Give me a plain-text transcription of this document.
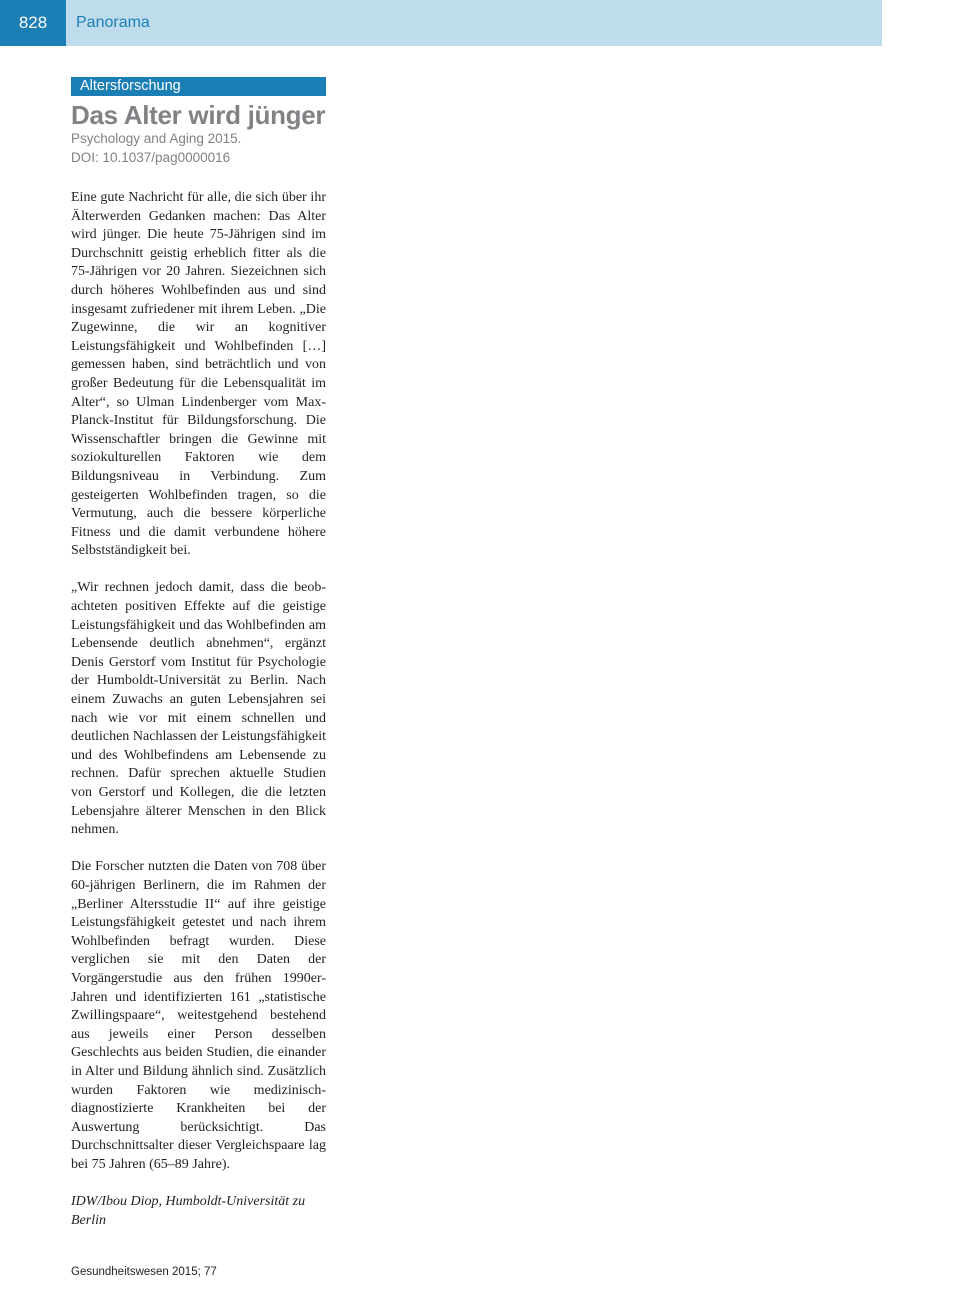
828	Panorama
Altersforschung
Das Alter wird jünger
Psychology and Aging 2015.
DOI: 10.1037/pag0000016

Eine gute Nachricht für alle, die sich über ihr Älterwerden Gedanken machen: Das Alter wird jünger. Die heute 75-Jährigen sind im Durchschnitt geistig erheblich fitter als die 75-Jährigen vor 20 Jahren. Siezeichnen sich durch höheres Wohlbefinden aus und sind insgesamt zufriedener mit ihrem Leben. „Die Zugewinne, die wir an kognitiver Leistungsfähigkeit und Wohlbefinden […] gemessen haben, sind beträchtlich und von großer Bedeutung für die Lebensqualität im Alter“, so Ulman Lindenberger vom Max-Planck-Institut für Bildungsforschung. Die Wissenschaftler bringen die Gewinne mit soziokulturellen Faktoren wie dem Bildungsniveau in Verbindung. Zum gesteigerten Wohlbefinden tragen, so die Vermutung, auch die bessere körperliche Fitness und die damit verbundene höhere Selbstständigkeit bei.

„Wir rechnen jedoch damit, dass die beobachteten positiven Effekte auf die geistige Leistungsfähigkeit und das Wohlbefinden am Lebensende deutlich abnehmen“, ergänzt Denis Gerstorf vom Institut für Psychologie der Humboldt-Universität zu Berlin. Nach einem Zuwachs an guten Lebensjahren sei nach wie vor mit einem schnellen und deutlichen Nachlassen der Leistungsfähigkeit und des Wohlbefindens am Lebensende zu rechnen. Dafür sprechen aktuelle Studien von Gerstorf und Kollegen, die die letzten Lebensjahre älterer Menschen in den Blick nehmen.

Die Forscher nutzten die Daten von 708 über 60-jährigen Berlinern, die im Rahmen der „Berliner Altersstudie II“ auf ihre geistige Leistungsfähigkeit getestet und nach ihrem Wohlbefinden befragt wurden. Diese verglichen sie mit den Daten der Vorgängerstudie aus den frühen 1990er-Jahren und identifizierten 161 „statistische Zwillingspaare“, weitestgehend bestehend aus jeweils einer Person desselben Geschlechts aus beiden Studien, die einander in Alter und Bildung ähnlich sind. Zusätzlich wurden Faktoren wie medizinisch-diagnostizierte Krankheiten bei der Auswertung berücksichtigt. Das Durchschnittsalter dieser Vergleichspaare lag bei 75 Jahren (65–89 Jahre).

IDW/Ibou Diop, Humboldt-Universität zu Berlin
Gesundheitswesen 2015; 77
